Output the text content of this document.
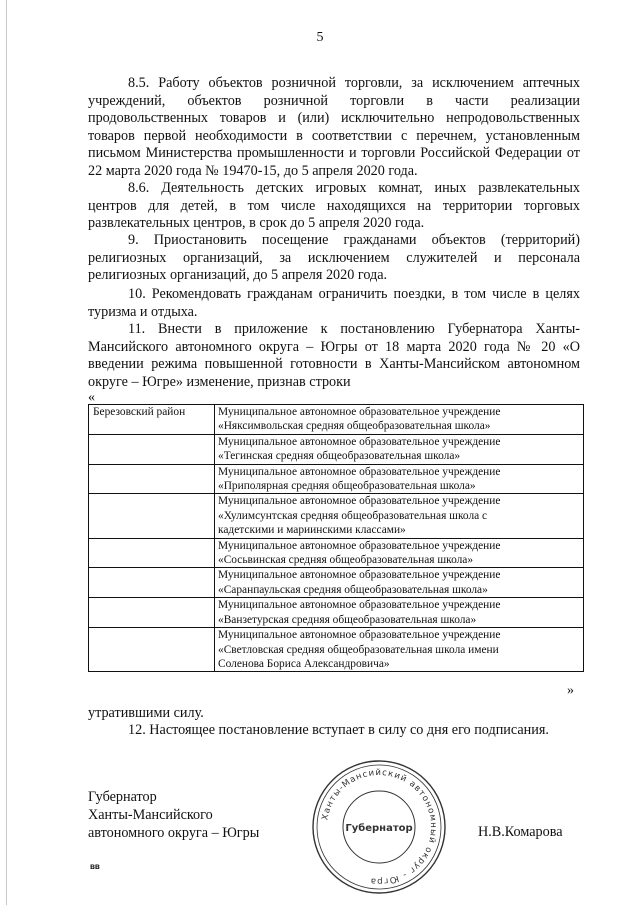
5

8.5. Работу объектов розничной торговли, за исключением аптечных учреждений, объектов розничной торговли в части реализации продовольственных товаров и (или) исключительно непродовольственных товаров первой необходимости в соответствии с перечнем, установленным письмом Министерства промышленности и торговли Российской Федерации от 22 марта 2020 года № 19470-15, до 5 апреля 2020 года.

8.6. Деятельность детских игровых комнат, иных развлекательных центров для детей, в том числе находящихся на территории торговых развлекательных центров, в срок до 5 апреля 2020 года.

9. Приостановить посещение гражданами объектов (территорий) религиозных организаций, за исключением служителей и персонала религиозных организаций, до 5 апреля 2020 года.

10. Рекомендовать гражданам ограничить поездки, в том числе в целях туризма и отдыха.

11. Внести в приложение к постановлению Губернатора Ханты-Мансийского автономного округа – Югры от 18 марта 2020 года № 20 «О введении режима повышенной готовности в Ханты-Мансийском автономном округе – Югре» изменение, признав строки

«
Березовский район	Муниципальное автономное образовательное учреждение
«Няксимвольская средняя общеобразовательная школа»
	Муниципальное автономное образовательное учреждение
«Тегинская средняя общеобразовательная школа»
	Муниципальное автономное образовательное учреждение
«Приполярная средняя общеобразовательная школа»
	Муниципальное автономное образовательное учреждение
«Хулимсунтская средняя общеобразовательная школа с
кадетскими и мариинскими классами»
	Муниципальное автономное образовательное учреждение
«Сосьвинская средняя общеобразовательная школа»
	Муниципальное автономное образовательное учреждение
«Саранпаульская средняя общеобразовательная школа»
	Муниципальное автономное образовательное учреждение
«Ванзетурская средняя общеобразовательная школа»
	Муниципальное автономное образовательное учреждение
«Светловская средняя общеобразовательная школа имени
Соленова Бориса Александровича»
»
утратившими силу.
12. Настоящее постановление вступает в силу со дня его подписания.
Губернатор
Ханты-Мансийского
автономного округа – Югры	Н.В.Комарова
Ханты-Мансийский автономный округ - Югра
Губернатор
вв
